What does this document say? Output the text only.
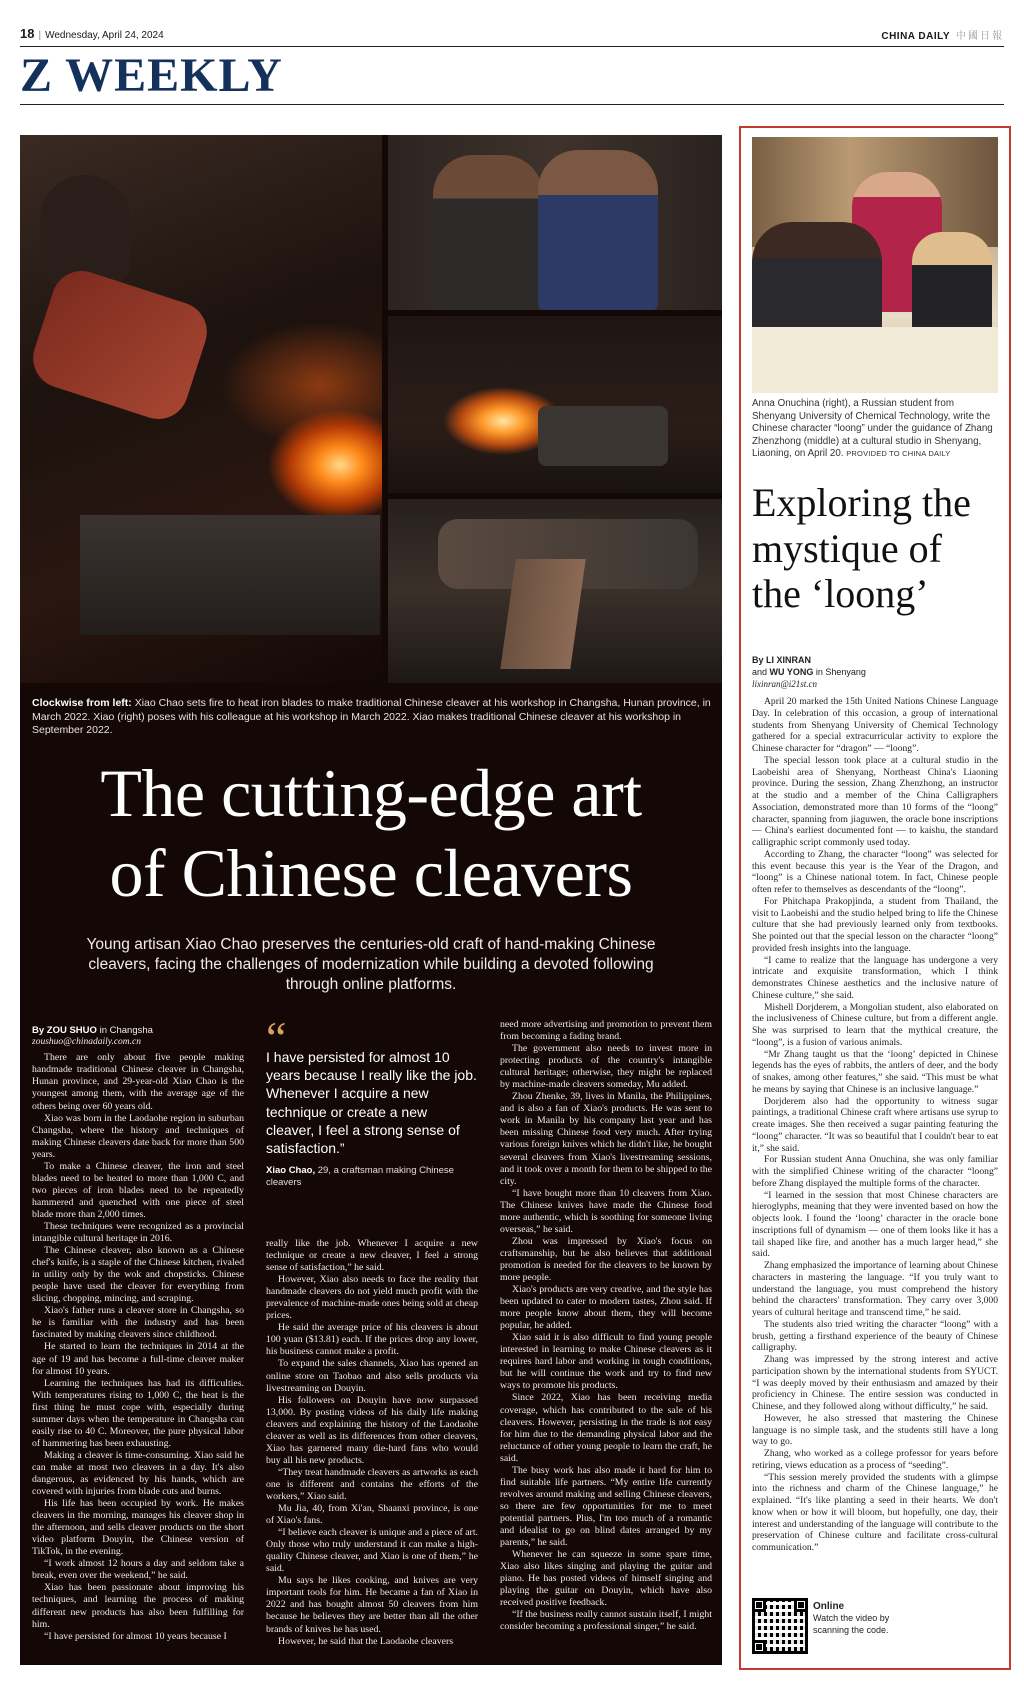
18 | Wednesday, April 24, 2024	CHINA DAILY 中國日報
Z WEEKLY
Clockwise from left: Xiao Chao sets fire to heat iron blades to make traditional Chinese cleaver at his workshop in Changsha, Hunan province, in March 2022. Xiao (right) poses with his colleague at his workshop in March 2022. Xiao makes traditional Chinese cleaver at his workshop in September 2022.
The cutting-edge art
of Chinese cleavers
Young artisan Xiao Chao preserves the centuries-old craft of hand-making Chinese cleavers, facing the challenges of modernization while building a devoted following through online platforms.
By ZOU SHUO in Changsha
zoushuo@chinadaily.com.cn

There are only about five people making handmade traditional Chinese cleaver in Changsha, Hunan province, and 29-year-old Xiao Chao is the youngest among them, with the average age of the others being over 60 years old.

Xiao was born in the Laodaohe region in suburban Changsha, where the history and techniques of making Chinese cleavers date back for more than 500 years.

To make a Chinese cleaver, the iron and steel blades need to be heated to more than 1,000 C, and two pieces of iron blades need to be repeatedly hammered and quenched with one piece of steel blade more than 2,000 times.

These techniques were recognized as a provincial intangible cultural heritage in 2016.

The Chinese cleaver, also known as a Chinese chef's knife, is a staple of the Chinese kitchen, rivaled in utility only by the wok and chopsticks. Chinese people have used the cleaver for everything from slicing, chopping, mincing, and scraping.

Xiao's father runs a cleaver store in Changsha, so he is familiar with the industry and has been fascinated by making cleavers since childhood.

He started to learn the techniques in 2014 at the age of 19 and has become a full-time cleaver maker for almost 10 years.

Learning the techniques has had its difficulties. With temperatures rising to 1,000 C, the heat is the first thing he must cope with, especially during summer days when the temperature in Changsha can easily rise to 40 C. Moreover, the pure physical labor of hammering has been exhausting.

Making a cleaver is time-consuming. Xiao said he can make at most two cleavers in a day. It's also dangerous, as evidenced by his hands, which are covered with injuries from blade cuts and burns.

His life has been occupied by work. He makes cleavers in the morning, manages his cleaver shop in the afternoon, and sells cleaver products on the short video platform Douyin, the Chinese version of TikTok, in the evening.

“I work almost 12 hours a day and seldom take a break, even over the weekend,” he said.

Xiao has been passionate about improving his techniques, and learning the process of making different new products has also been fulfilling for him.

“I have persisted for almost 10 years because I

“
I have persisted for almost 10 years because I really like the job. Whenever I acquire a new technique or create a new cleaver, I feel a strong sense of satisfaction.”
Xiao Chao, 29, a craftsman making Chinese cleavers

really like the job. Whenever I acquire a new technique or create a new cleaver, I feel a strong sense of satisfaction,” he said.

However, Xiao also needs to face the reality that handmade cleavers do not yield much profit with the prevalence of machine-made ones being sold at cheap prices.

He said the average price of his cleavers is about 100 yuan ($13.81) each. If the prices drop any lower, his business cannot make a profit.

To expand the sales channels, Xiao has opened an online store on Taobao and also sells products via livestreaming on Douyin.

His followers on Douyin have now surpassed 13,000. By posting videos of his daily life making cleavers and explaining the history of the Laodaohe cleaver as well as its differences from other cleavers, Xiao has garnered many die-hard fans who would buy all his new products.

“They treat handmade cleavers as artworks as each one is different and contains the efforts of the workers,” Xiao said.

Mu Jia, 40, from Xi'an, Shaanxi province, is one of Xiao's fans.

“I believe each cleaver is unique and a piece of art. Only those who truly understand it can make a high-quality Chinese cleaver, and Xiao is one of them,” he said.

Mu says he likes cooking, and knives are very important tools for him. He became a fan of Xiao in 2022 and has bought almost 50 cleavers from him because he believes they are better than all the other brands of knives he has used.

However, he said that the Laodaohe cleavers

need more advertising and promotion to prevent them from becoming a fading brand.

The government also needs to invest more in protecting products of the country's intangible cultural heritage; otherwise, they might be replaced by machine-made cleavers someday, Mu added.

Zhou Zhenke, 39, lives in Manila, the Philippines, and is also a fan of Xiao's products. He was sent to work in Manila by his company last year and has been missing Chinese food very much. After trying various foreign knives which he didn't like, he bought several cleavers from Xiao's livestreaming sessions, and it took over a month for them to be shipped to the city.

“I have bought more than 10 cleavers from Xiao. The Chinese knives have made the Chinese food more authentic, which is soothing for someone living overseas,” he said.

Zhou was impressed by Xiao's focus on craftsmanship, but he also believes that additional promotion is needed for the cleavers to be known by more people.

Xiao's products are very creative, and the style has been updated to cater to modern tastes, Zhou said. If more people know about them, they will become popular, he added.

Xiao said it is also difficult to find young people interested in learning to make Chinese cleavers as it requires hard labor and working in tough conditions, but he will continue the work and try to find new ways to promote his products.

Since 2022, Xiao has been receiving media coverage, which has contributed to the sale of his cleavers. However, persisting in the trade is not easy for him due to the demanding physical labor and the reluctance of other young people to learn the craft, he said.

The busy work has also made it hard for him to find suitable life partners. “My entire life currently revolves around making and selling Chinese cleavers, so there are few opportunities for me to meet potential partners. Plus, I'm too much of a romantic and idealist to go on blind dates arranged by my parents,” he said.

Whenever he can squeeze in some spare time, Xiao also likes singing and playing the guitar and piano. He has posted videos of himself singing and playing the guitar on Douyin, which have also received positive feedback.

“If the business really cannot sustain itself, I might consider becoming a professional singer,” he said.

Anna Onuchina (right), a Russian student from Shenyang University of Chemical Technology, write the Chinese character “loong” under the guidance of Zhang Zhenzhong (middle) at a cultural studio in Shenyang, Liaoning, on April 20. PROVIDED TO CHINA DAILY
Exploring the mystique of the ‘loong’
By LI XINRAN
and WU YONG in Shenyang
lixinran@i21st.cn

April 20 marked the 15th United Nations Chinese Language Day. In celebration of this occasion, a group of international students from Shenyang University of Chemical Technology gathered for a special extracurricular activity to explore the Chinese character for “dragon” — “loong”.

The special lesson took place at a cultural studio in the Laobeishi area of Shenyang, Northeast China's Liaoning province. During the session, Zhang Zhenzhong, an instructor at the studio and a member of the China Calligraphers Association, demonstrated more than 10 forms of the “loong” character, spanning from jiaguwen, the oracle bone inscriptions — China's earliest documented font — to kaishu, the standard calligraphic script commonly used today.

According to Zhang, the character “loong” was selected for this event because this year is the Year of the Dragon, and “loong” is a Chinese national totem. In fact, Chinese people often refer to themselves as descendants of the “loong”.

For Phitchapa Prakopjinda, a student from Thailand, the visit to Laobeishi and the studio helped bring to life the Chinese culture that she had previously learned only from textbooks. She pointed out that the special lesson on the character “loong” provided fresh insights into the language.

“I came to realize that the language has undergone a very intricate and exquisite transformation, which I think demonstrates Chinese aesthetics and the inclusive nature of Chinese culture,” she said.

Mishell Dorjderem, a Mongolian student, also elaborated on the inclusiveness of Chinese culture, but from a different angle. She was surprised to learn that the mythical creature, the “loong”, is a fusion of various animals.

“Mr Zhang taught us that the ‘loong’ depicted in Chinese legends has the eyes of rabbits, the antlers of deer, and the body of snakes, among other features,” she said. “This must be what he means by saying that Chinese is an inclusive language.”

Dorjderem also had the opportunity to witness sugar paintings, a traditional Chinese craft where artisans use syrup to create images. She then received a sugar painting featuring the “loong” character. “It was so beautiful that I couldn't bear to eat it,” she said.

For Russian student Anna Onuchina, she was only familiar with the simplified Chinese writing of the character “loong” before Zhang displayed the multiple forms of the character.

“I learned in the session that most Chinese characters are hieroglyphs, meaning that they were invented based on how the objects look. I found the ‘loong’ character in the oracle bone inscriptions full of dynamism — one of them looks like it has a tail shaped like fire, and another has a much larger head,” she said.

Zhang emphasized the importance of learning about Chinese characters in mastering the language. “If you truly want to understand the language, you must comprehend the history behind the characters' transformation. They carry over 3,000 years of cultural heritage and transcend time,” he said.

The students also tried writing the character “loong” with a brush, getting a firsthand experience of the beauty of Chinese calligraphy.

Zhang was impressed by the strong interest and active participation shown by the international students from SYUCT. “I was deeply moved by their enthusiasm and amazed by their proficiency in Chinese. The entire session was conducted in Chinese, and they followed along without difficulty,” he said.

However, he also stressed that mastering the Chinese language is no simple task, and the students still have a long way to go.

Zhang, who worked as a college professor for years before retiring, views education as a process of “seeding”.

“This session merely provided the students with a glimpse into the richness and charm of the Chinese language,” he explained. “It's like planting a seed in their hearts. We don't know when or how it will bloom, but hopefully, one day, their interest and understanding of the language will contribute to the preservation of Chinese culture and facilitate cross-cultural communication.”

Online
Watch the video by scanning the code.
